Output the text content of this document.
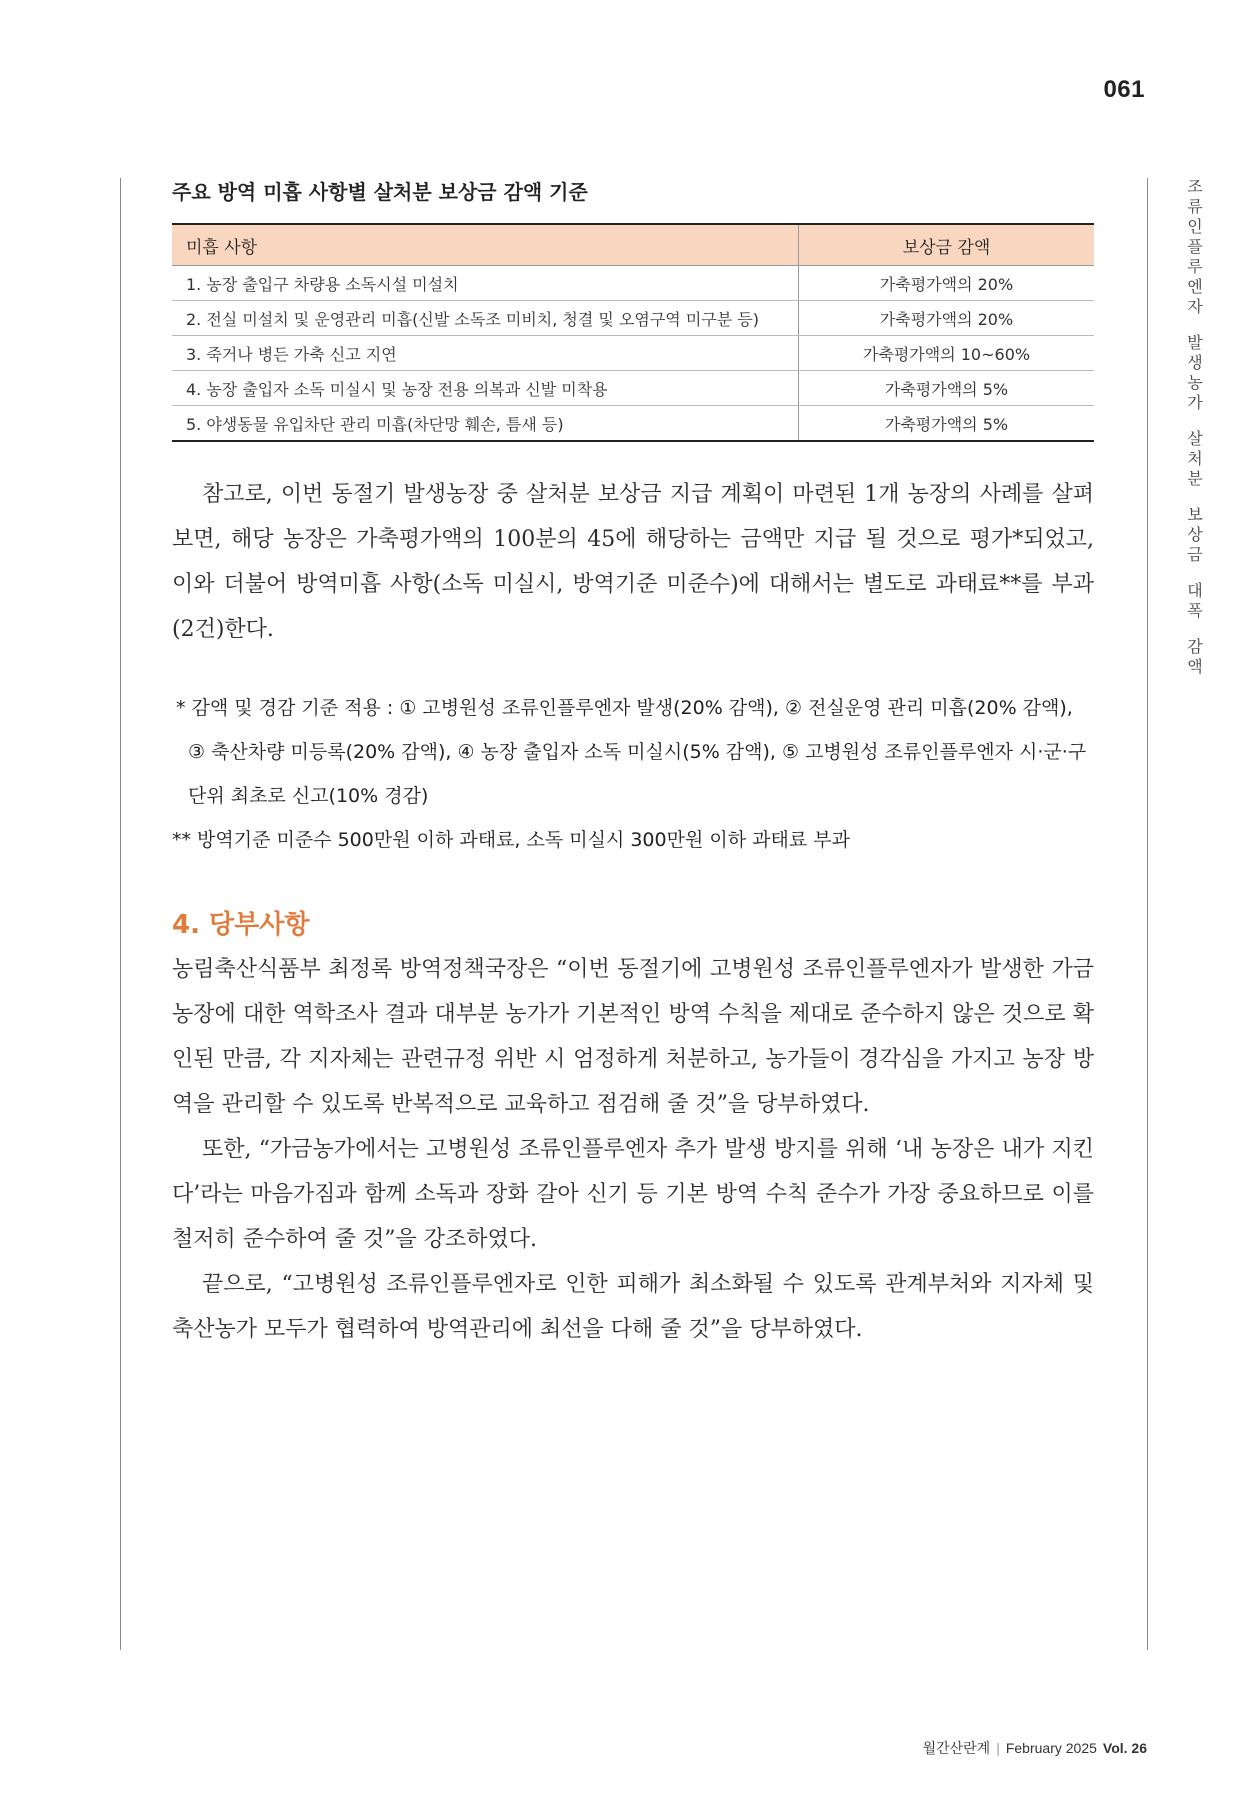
061
조
류
인
플
루
엔
자
발
생
농
가
살
처
분
보
상
금
대
폭
감
액
주요 방역 미흡 사항별 살처분 보상금 감액 기준
미흡 사항	보상금 감액
1. 농장 출입구 차량용 소독시설 미설치	가축평가액의 20%
2. 전실 미설치 및 운영관리 미흡(신발 소독조 미비치, 청결 및 오염구역 미구분 등)	가축평가액의 20%
3. 죽거나 병든 가축 신고 지연	가축평가액의 10~60%
4. 농장 출입자 소독 미실시 및 농장 전용 의복과 신발 미착용	가축평가액의 5%
5. 야생동물 유입차단 관리 미흡(차단망 훼손, 틈새 등)	가축평가액의 5%

참고로, 이번 동절기 발생농장 중 살처분 보상금 지급 계획이 마련된 1개 농장의 사례를 살펴보면, 해당 농장은 가축평가액의 100분의 45에 해당하는 금액만 지급 될 것으로 평가*되었고, 이와 더불어 방역미흡 사항(소독 미실시, 방역기준 미준수)에 대해서는 별도로 과태료**를 부과(2건)한다.

* 감액 및 경감 기준 적용 : ① 고병원성 조류인플루엔자 발생(20% 감액), ② 전실운영 관리 미흡(20% 감액), ③ 축산차량 미등록(20% 감액), ④ 농장 출입자 소독 미실시(5% 감액), ⑤ 고병원성 조류인플루엔자 시·군·구 단위 최초로 신고(10% 경감)

** 방역기준 미준수 500만원 이하 과태료, 소독 미실시 300만원 이하 과태료 부과

4. 당부사항

농림축산식품부 최정록 방역정책국장은 “이번 동절기에 고병원성 조류인플루엔자가 발생한 가금농장에 대한 역학조사 결과 대부분 농가가 기본적인 방역 수칙을 제대로 준수하지 않은 것으로 확인된 만큼, 각 지자체는 관련규정 위반 시 엄정하게 처분하고, 농가들이 경각심을 가지고 농장 방역을 관리할 수 있도록 반복적으로 교육하고 점검해 줄 것”을 당부하였다.

또한, “가금농가에서는 고병원성 조류인플루엔자 추가 발생 방지를 위해 ‘내 농장은 내가 지킨다’라는 마음가짐과 함께 소독과 장화 갈아 신기 등 기본 방역 수칙 준수가 가장 중요하므로 이를 철저히 준수하여 줄 것”을 강조하였다.

끝으로, “고병원성 조류인플루엔자로 인한 피해가 최소화될 수 있도록 관계부처와 지자체 및 축산농가 모두가 협력하여 방역관리에 최선을 다해 줄 것”을 당부하였다.

월간산란계 | February 2025 Vol. 26
